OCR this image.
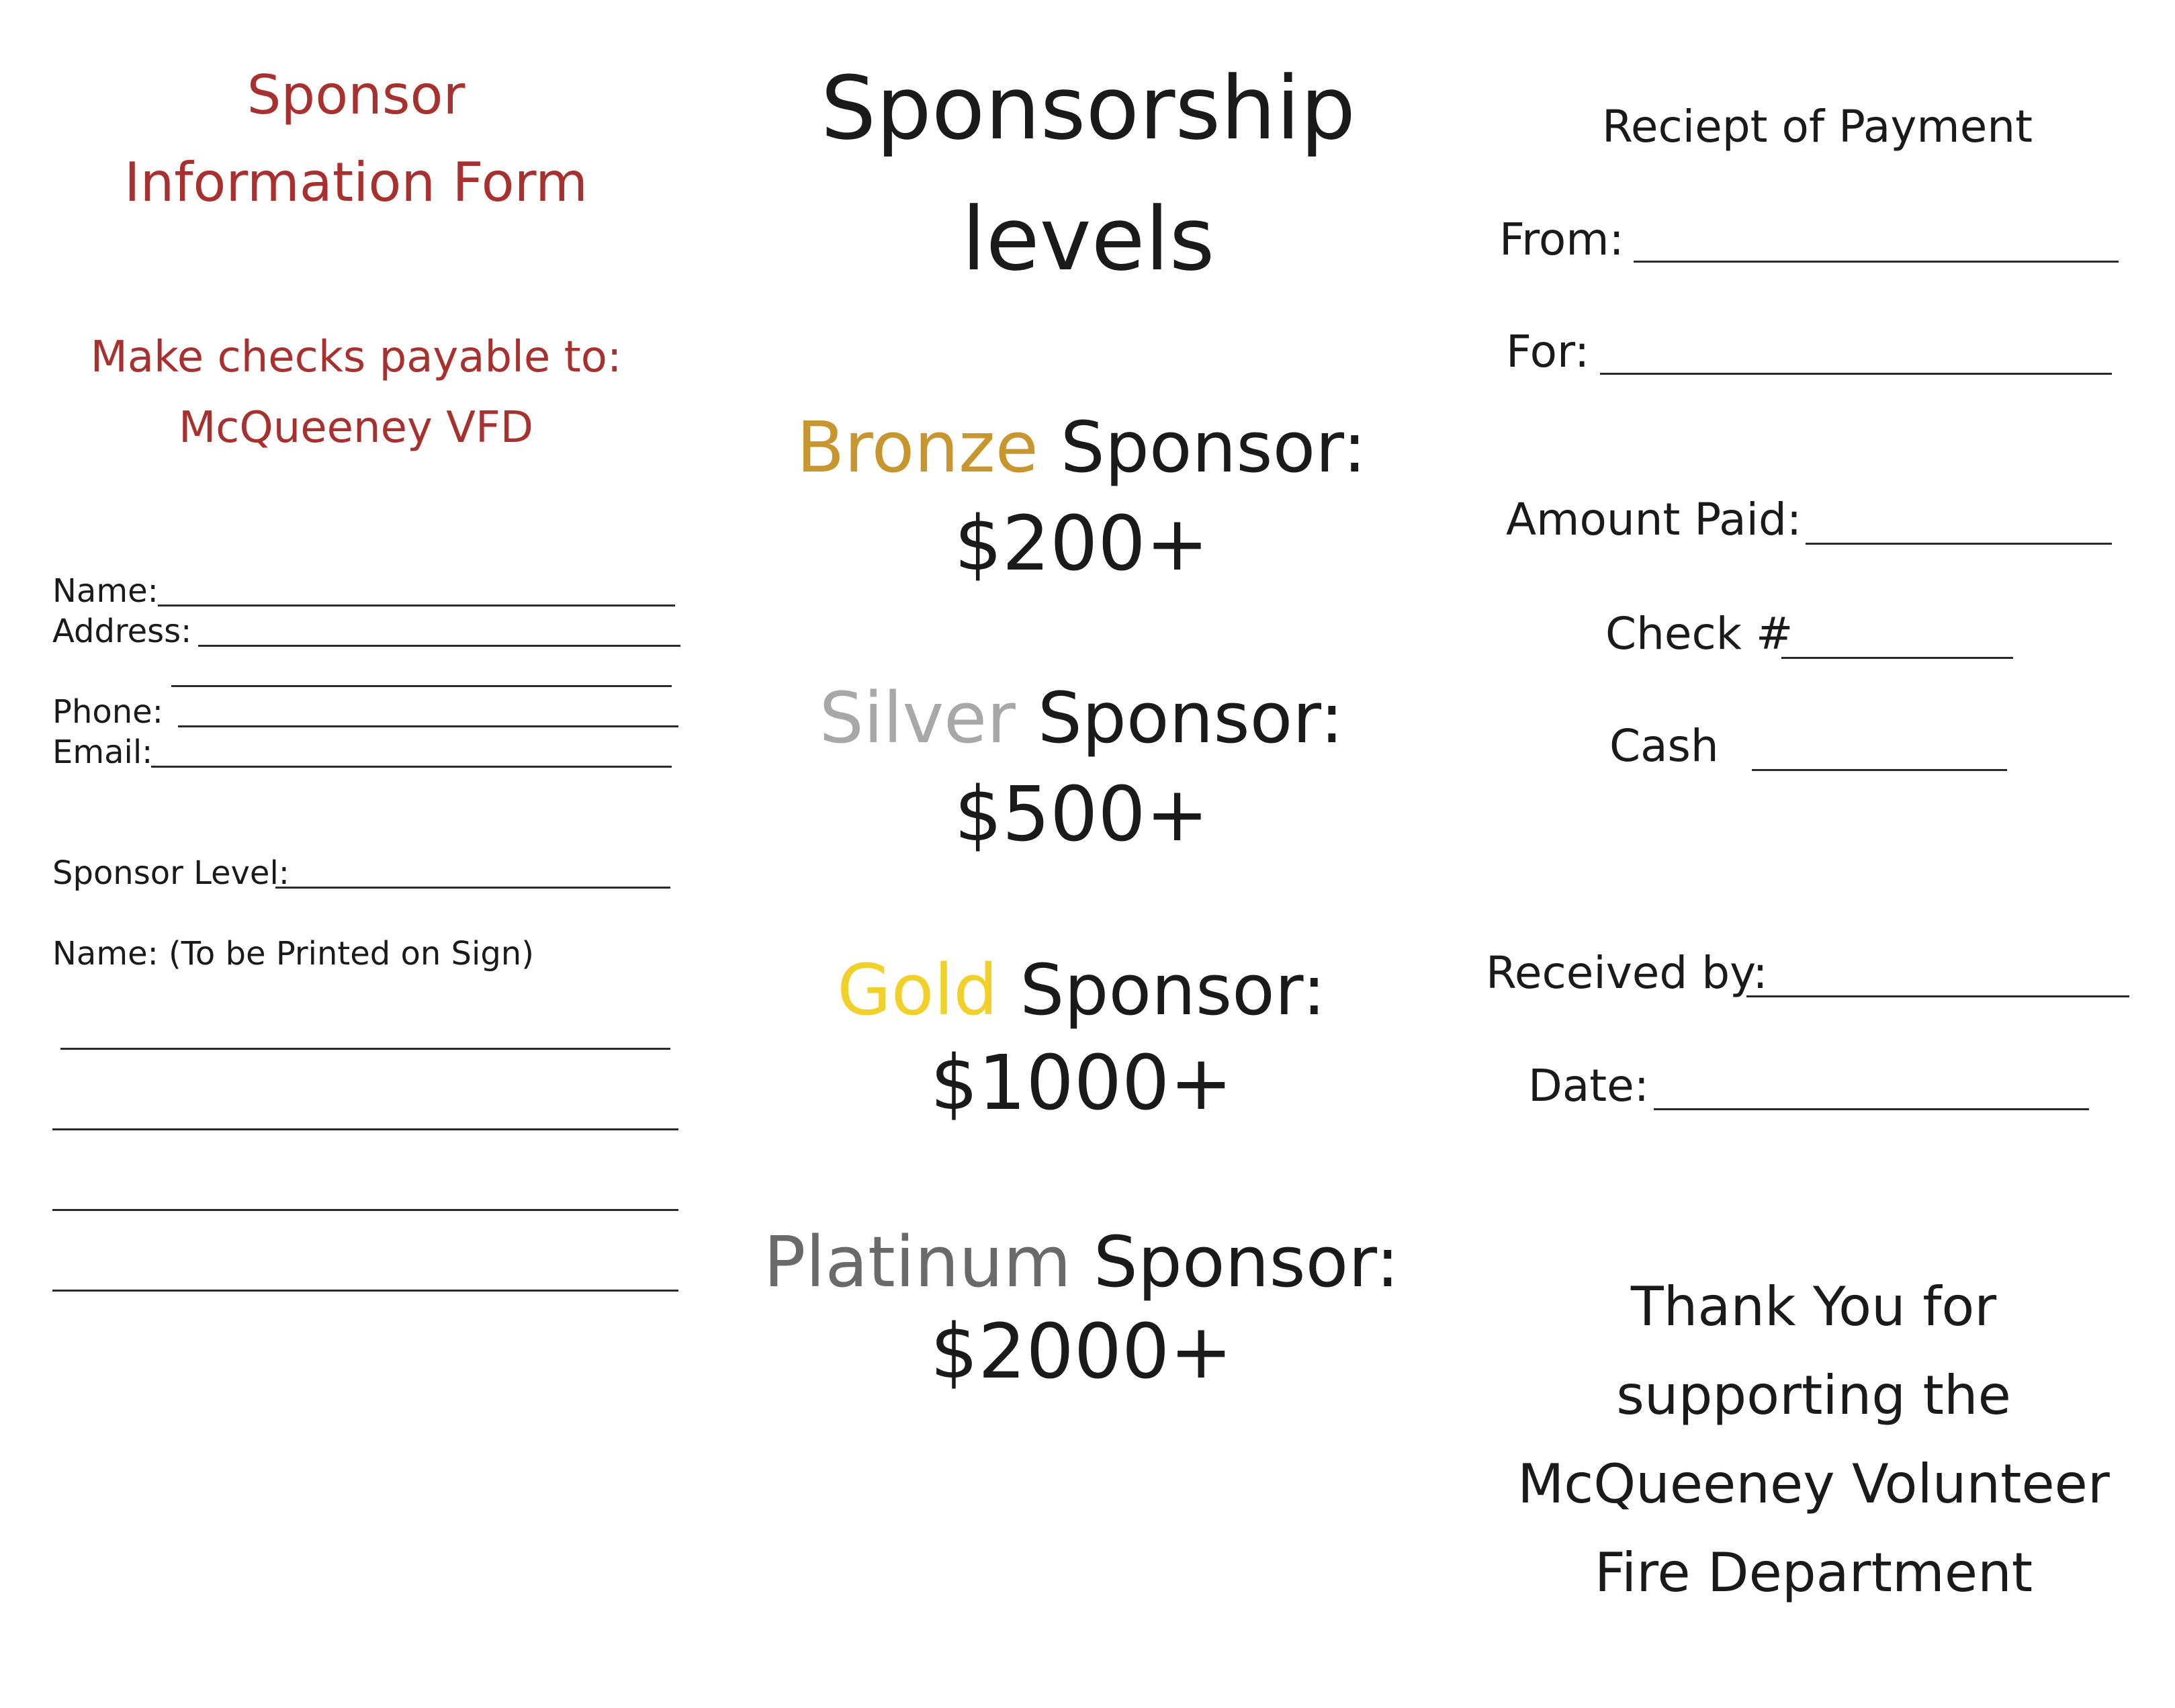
Sponsor
Information Form
Make checks payable to:
McQueeney VFD
Name:
Address:
Phone:
Email:
Sponsor Level:
Name: (To be Printed on Sign)
Sponsorship
levels
Bronze Sponsor:
$200+
Silver Sponsor:
$500+
Gold Sponsor:
$1000+
Platinum Sponsor:
$2000+
Reciept of Payment
From:
For:
Amount Paid:
Check #
Cash
Received by:
Date:
Thank You for
supporting the
McQueeney Volunteer
Fire Department
